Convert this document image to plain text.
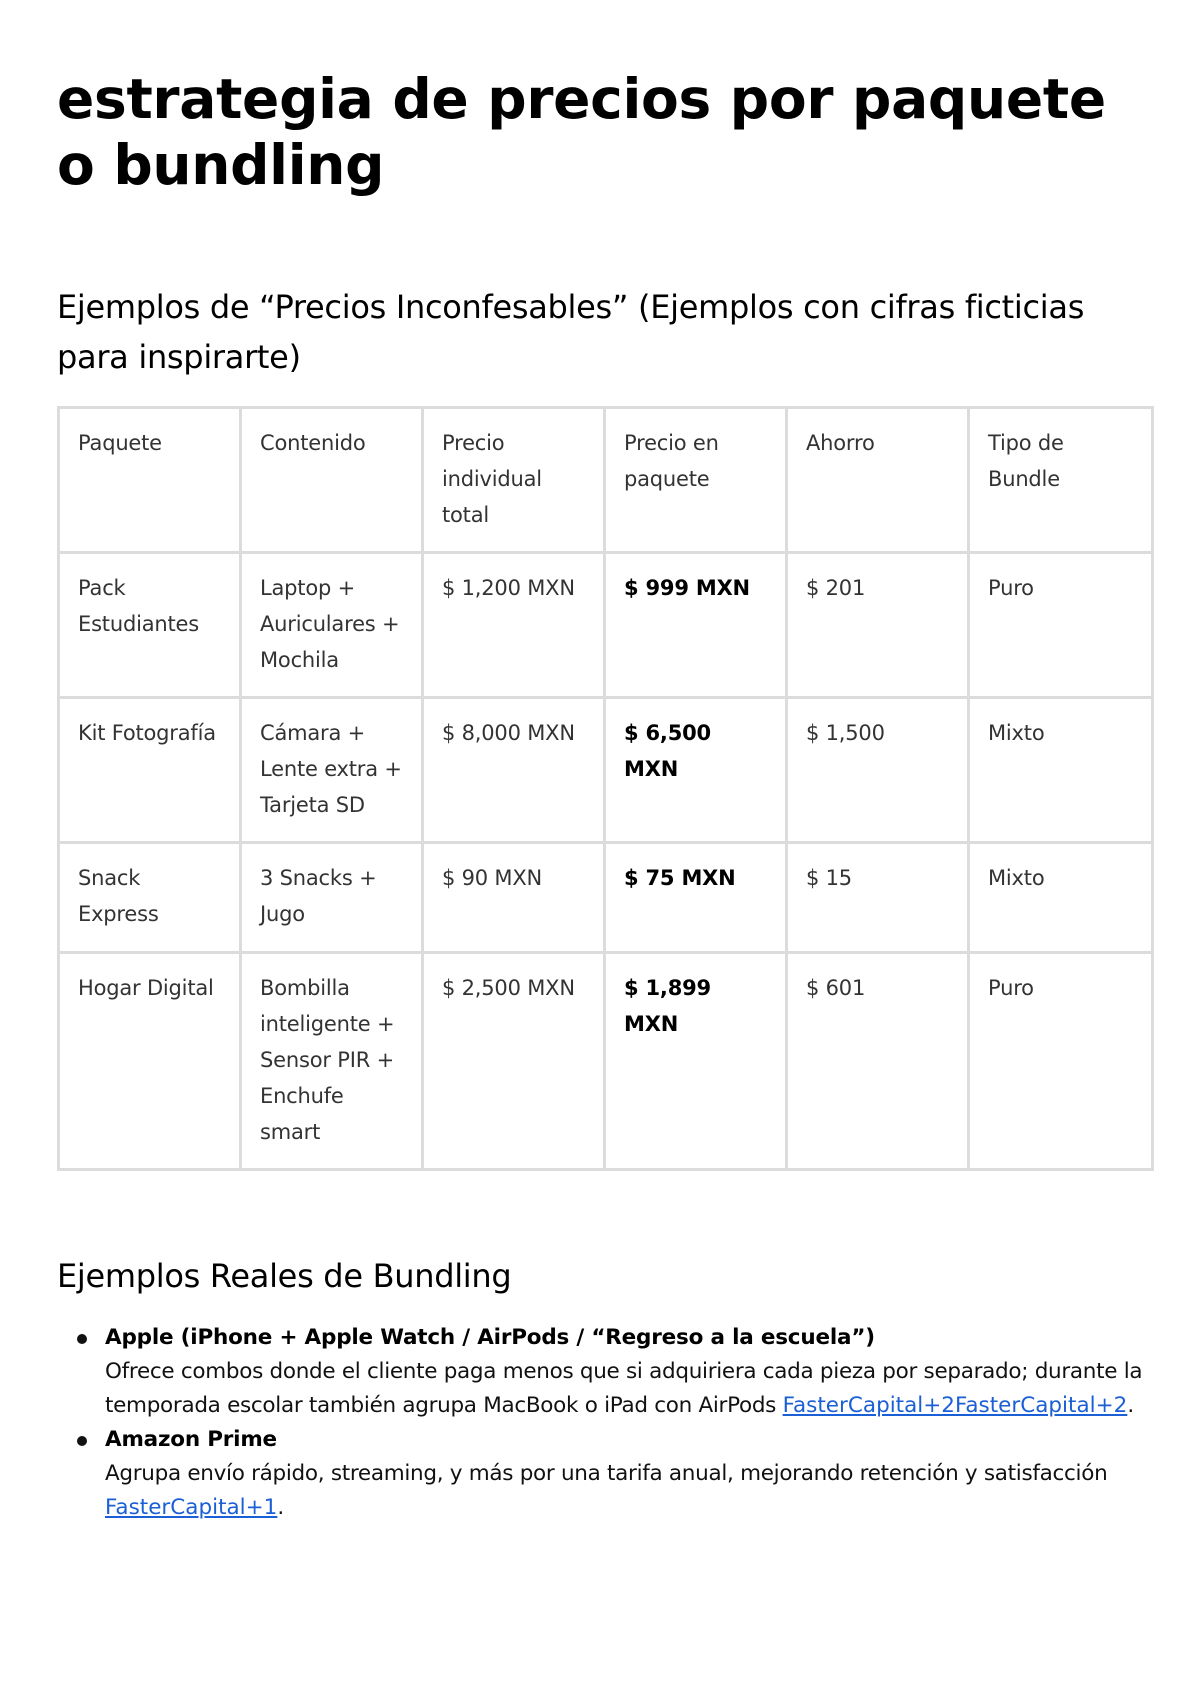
estrategia de precios por paquete o bundling
Ejemplos de “Precios Inconfesables” (Ejemplos con cifras ficticias para inspirarte)
Paquete	Contenido	Precio individual total	Precio en paquete	Ahorro	Tipo de Bundle
Pack Estudiantes	Laptop + Auriculares + Mochila	$ 1,200 MXN	$ 999 MXN	$ 201	Puro
Kit Fotografía	Cámara + Lente extra + Tarjeta SD	$ 8,000 MXN	$ 6,500 MXN	$ 1,500	Mixto
Snack Express	3 Snacks + Jugo	$ 90 MXN	$ 75 MXN	$ 15	Mixto
Hogar Digital	Bombilla inteligente + Sensor PIR + Enchufe smart	$ 2,500 MXN	$ 1,899 MXN	$ 601	Puro
Ejemplos Reales de Bundling
Apple (iPhone + Apple Watch / AirPods / “Regreso a la escuela”)
Ofrece combos donde el cliente paga menos que si adquiriera cada pieza por separado; durante la temporada escolar también agrupa MacBook o iPad con AirPods FasterCapital+2FasterCapital+2.
Amazon Prime
Agrupa envío rápido, streaming, y más por una tarifa anual, mejorando retención y satisfacción FasterCapital+1.
